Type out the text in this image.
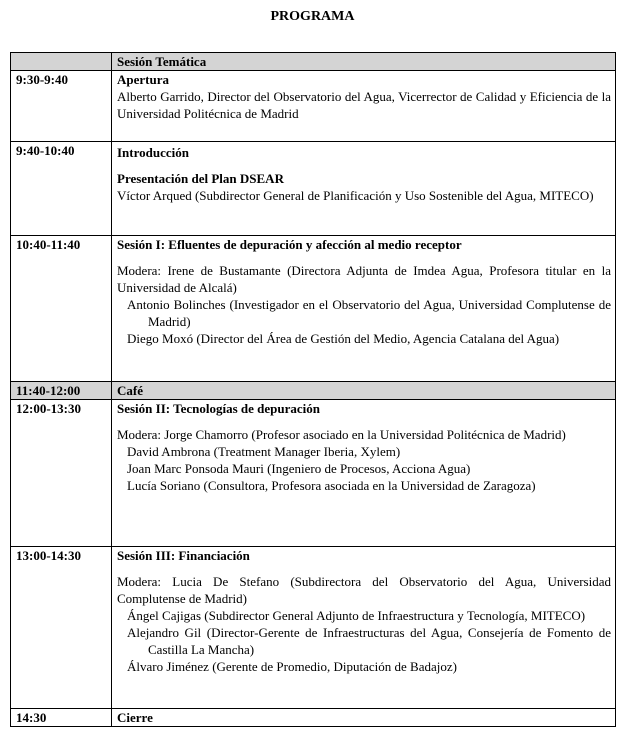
PROGRAMA
	Sesión Temática
9:30-9:40	Apertura
Alberto Garrido, Director del Observatorio del Agua, Vicerrector de Calidad y Eficiencia de la Universidad Politécnica de Madrid

9:40-10:40	Introducción
Presentación del Plan DSEAR
Víctor Arqued (Subdirector General de Planificación y Uso Sostenible del Agua, MITECO)

10:40-11:40	Sesión I: Efluentes de depuración y afección al medio receptor
Modera: Irene de Bustamante (Directora Adjunta de Imdea Agua, Profesora titular en la Universidad de Alcalá)
Antonio Bolinches (Investigador en el Observatorio del Agua, Universidad Complutense de Madrid)
Diego Moxó (Director del Área de Gestión del Medio, Agencia Catalana del Agua)

11:40-12:00	Café
12:00-13:30	Sesión II: Tecnologías de depuración
Modera: Jorge Chamorro (Profesor asociado en la Universidad Politécnica de Madrid)
David Ambrona (Treatment Manager Iberia, Xylem)
Joan Marc Ponsoda Mauri (Ingeniero de Procesos, Acciona Agua)
Lucía Soriano (Consultora, Profesora asociada en la Universidad de Zaragoza)

13:00-14:30	Sesión III: Financiación
Modera: Lucia De Stefano (Subdirectora del Observatorio del Agua, Universidad Complutense de Madrid)
Ángel Cajigas (Subdirector General Adjunto de Infraestructura y Tecnología, MITECO)
Alejandro Gil (Director-Gerente de Infraestructuras del Agua, Consejería de Fomento de Castilla La Mancha)
Álvaro Jiménez (Gerente de Promedio, Diputación de Badajoz)

14:30	Cierre
